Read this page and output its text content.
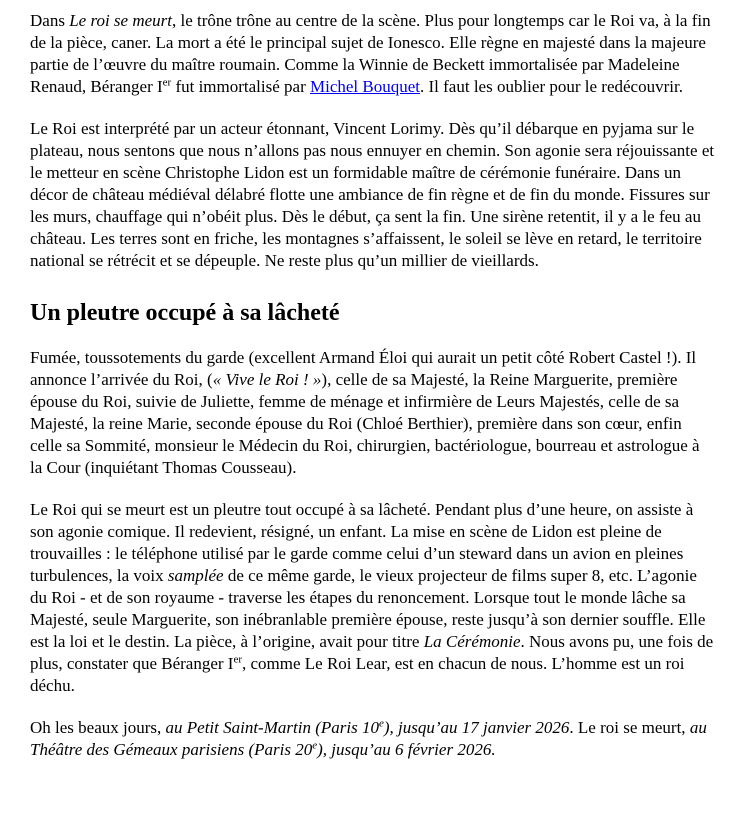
Dans Le roi se meurt, le trône trône au centre de la scène. Plus pour longtemps car le Roi va, à la fin de la pièce, caner. La mort a été le principal sujet de Ionesco. Elle règne en majesté dans la majeure partie de l’œuvre du maître roumain. Comme la Winnie de Beckett immortalisée par Madeleine Renaud, Béranger Ier fut immortalisé par Michel Bouquet. Il faut les oublier pour le redécouvrir.

Le Roi est interprété par un acteur étonnant, Vincent Lorimy. Dès qu’il débarque en pyjama sur le plateau, nous sentons que nous n’allons pas nous ennuyer en chemin. Son agonie sera réjouissante et le metteur en scène Christophe Lidon est un formidable maître de cérémonie funéraire. Dans un décor de château médiéval délabré flotte une ambiance de fin règne et de fin du monde. Fissures sur les murs, chauffage qui n’obéit plus. Dès le début, ça sent la fin. Une sirène retentit, il y a le feu au château. Les terres sont en friche, les montagnes s’affaissent, le soleil se lève en retard, le territoire national se rétrécit et se dépeuple. Ne reste plus qu’un millier de vieillards.

Un pleutre occupé à sa lâcheté

Fumée, toussotements du garde (excellent Armand Éloi qui aurait un petit côté Robert Castel !). Il annonce l’arrivée du Roi, (« Vive le Roi ! »), celle de sa Majesté, la Reine Marguerite, première épouse du Roi, suivie de Juliette, femme de ménage et infirmière de Leurs Majestés, celle de sa Majesté, la reine Marie, seconde épouse du Roi (Chloé Berthier), première dans son cœur, enfin celle sa Sommité, monsieur le Médecin du Roi, chirurgien, bactériologue, bourreau et astrologue à la Cour (inquiétant Thomas Cousseau).

Le Roi qui se meurt est un pleutre tout occupé à sa lâcheté. Pendant plus d’une heure, on assiste à son agonie comique. Il redevient, résigné, un enfant. La mise en scène de Lidon est pleine de trouvailles : le téléphone utilisé par le garde comme celui d’un steward dans un avion en pleines turbulences, la voix samplée de ce même garde, le vieux projecteur de films super 8, etc. L’agonie du Roi - et de son royaume - traverse les étapes du renoncement. Lorsque tout le monde lâche sa Majesté, seule Marguerite, son inébranlable première épouse, reste jusqu’à son dernier souffle. Elle est la loi et le destin. La pièce, à l’origine, avait pour titre La Cérémonie. Nous avons pu, une fois de plus, constater que Béranger Ier, comme Le Roi Lear, est en chacun de nous. L’homme est un roi déchu.

Oh les beaux jours, au Petit Saint-Martin (Paris 10e), jusqu’au 17 janvier 2026. Le roi se meurt, au Théâtre des Gémeaux parisiens (Paris 20e), jusqu’au 6 février 2026.
